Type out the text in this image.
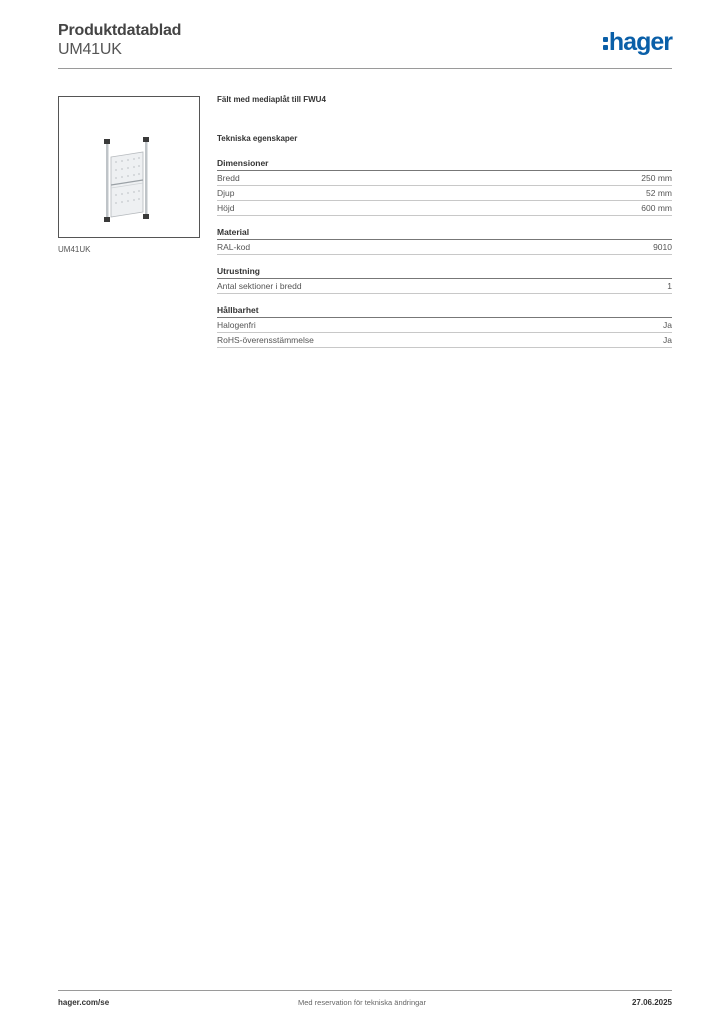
Produktdatablad
UM41UK	hager
UM41UK
Fält med mediaplåt till FWU4
Tekniska egenskaper
Dimensioner
Bredd	250 mm
Djup	52 mm
Höjd	600 mm
Material
RAL-kod	9010
Utrustning
Antal sektioner i bredd	1
Hållbarhet
Halogenfri	Ja
RoHS-överensstämmelse	Ja
hager.com/se	Med reservation för tekniska ändringar	27.06.2025
